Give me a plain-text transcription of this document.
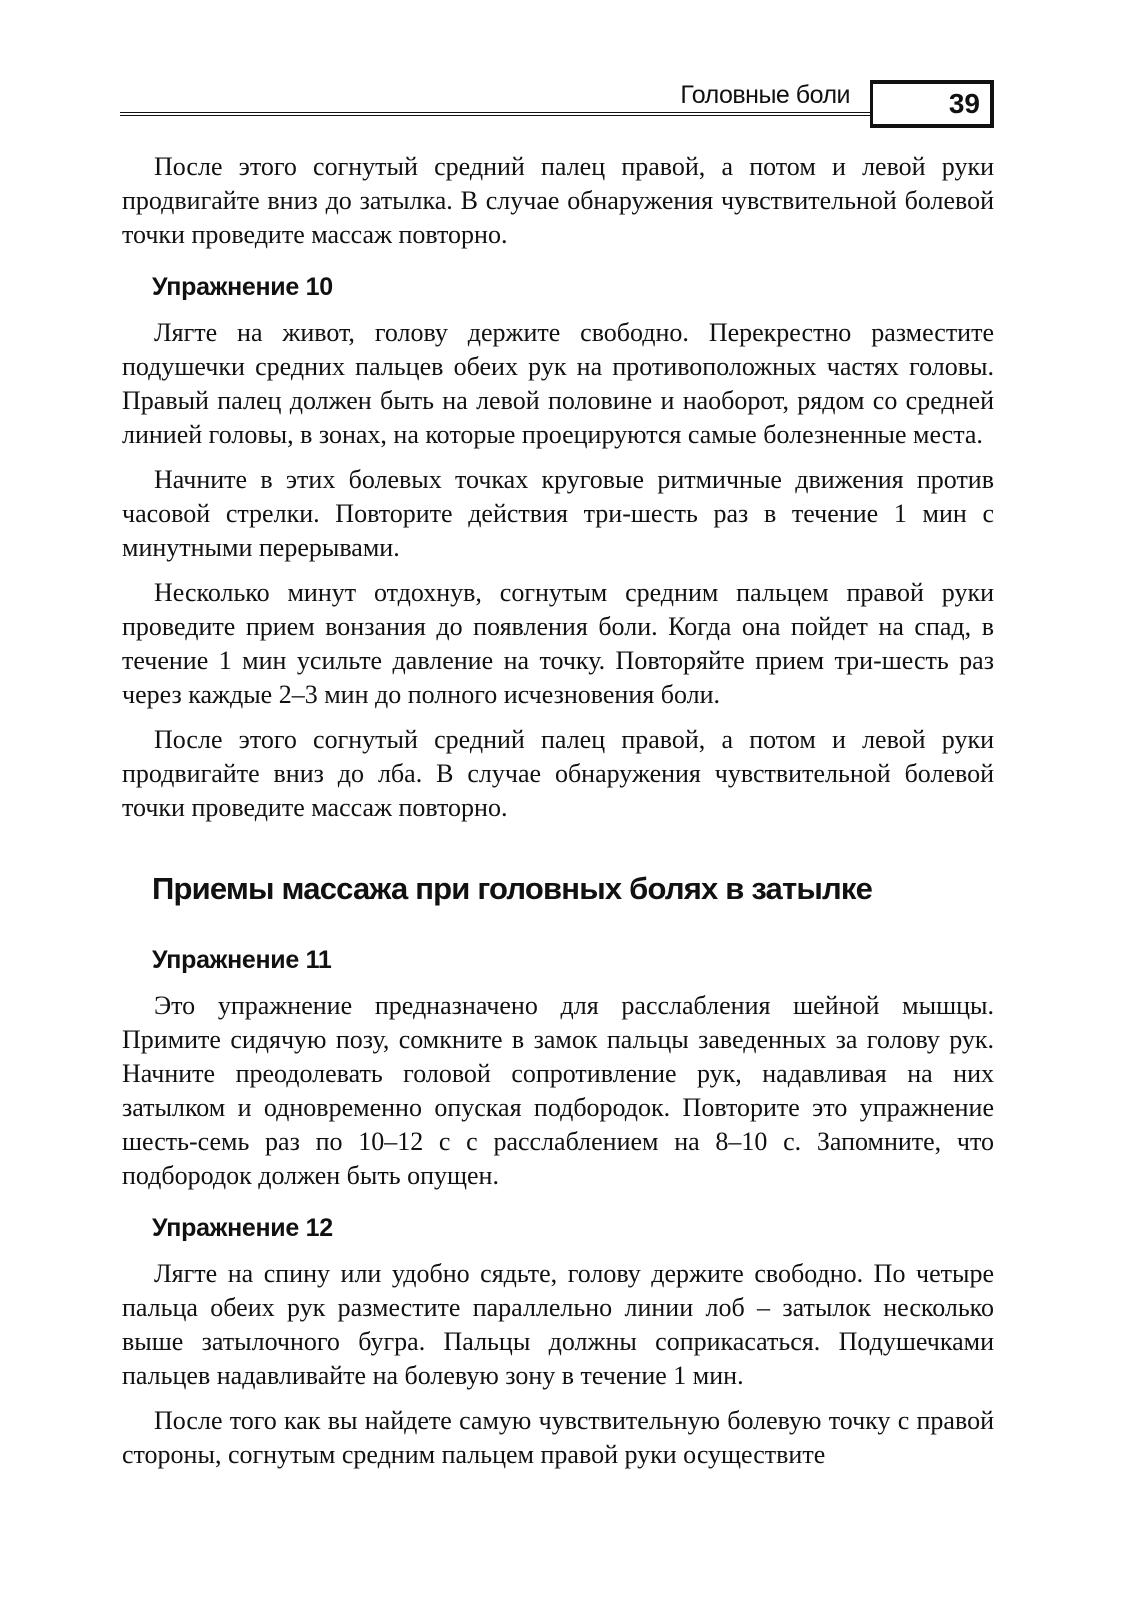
Головные боли	39

После этого согнутый средний палец правой, а потом и левой руки продвигайте вниз до затылка. В случае обнаружения чувствительной болевой точки проведите массаж повторно.

Упражнение 10

Лягте на живот, голову держите свободно. Перекрестно разместите подушечки средних пальцев обеих рук на противоположных частях головы. Правый палец должен быть на левой половине и наоборот, рядом со средней линией головы, в зонах, на которые проецируются самые болезненные места.

Начните в этих болевых точках круговые ритмичные движения против часовой стрелки. Повторите действия три-шесть раз в течение 1 мин с минутными перерывами.

Несколько минут отдохнув, согнутым средним пальцем правой руки проведите прием вонзания до появления боли. Когда она пойдет на спад, в течение 1 мин усильте давление на точку. Повторяйте прием три-шесть раз через каждые 2–3 мин до полного исчезновения боли.

После этого согнутый средний палец правой, а потом и левой руки продвигайте вниз до лба. В случае обнаружения чувствительной болевой точки проведите массаж повторно.

Приемы массажа при головных болях в затылке
Упражнение 11

Это упражнение предназначено для расслабления шейной мышцы. Примите сидячую позу, сомкните в замок пальцы заведенных за голову рук. Начните преодолевать головой сопротивление рук, надавливая на них затылком и одновременно опуская подбородок. Повторите это упражнение шесть-семь раз по 10–12 с с расслаблением на 8–10 с. Запомните, что подбородок должен быть опущен.

Упражнение 12

Лягте на спину или удобно сядьте, голову держите свободно. По четыре пальца обеих рук разместите параллельно линии лоб – затылок несколько выше затылочного бугра. Пальцы должны соприкасаться. Подушечками пальцев надавливайте на болевую зону в течение 1 мин.

После того как вы найдете самую чувствительную болевую точку с правой стороны, согнутым средним пальцем правой руки осуществите
